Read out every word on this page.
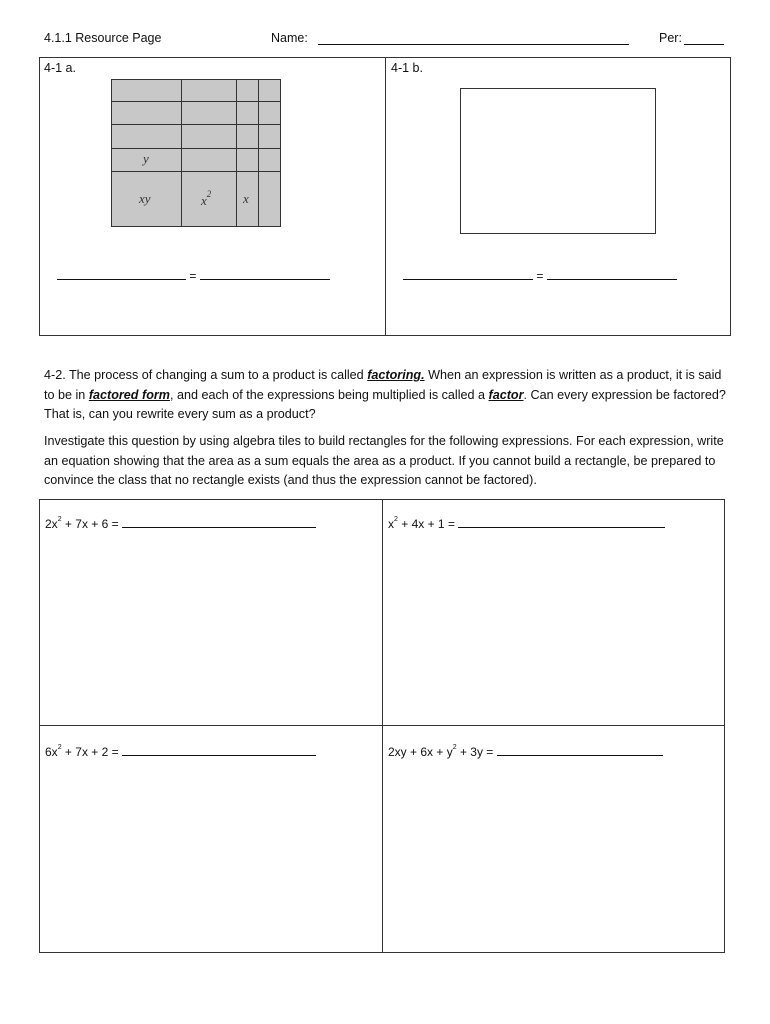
4.1.1 Resource Page	Name:	Per:
4-1 a.	4-1 b.
y
xy	$x^2$ x
=	=
4-2. The process of changing a sum to a product is called factoring. When an expression is written as a product, it is said to be in factored form, and each of the expressions being multiplied is called a factor. Can every expression be factored? That is, can you rewrite every sum as a product?
Investigate this question by using algebra tiles to build rectangles for the following expressions. For each expression, write an equation showing that the area as a sum equals the area as a product. If you cannot build a rectangle, be prepared to convince the class that no rectangle exists (and thus the expression cannot be factored).
$2x^2 + 7x + 6$ =	$x^2 + 4x + 1$ =
$6x^2 + 7x + 2$ =	$2xy + 6x + y^2 + 3y$ =
